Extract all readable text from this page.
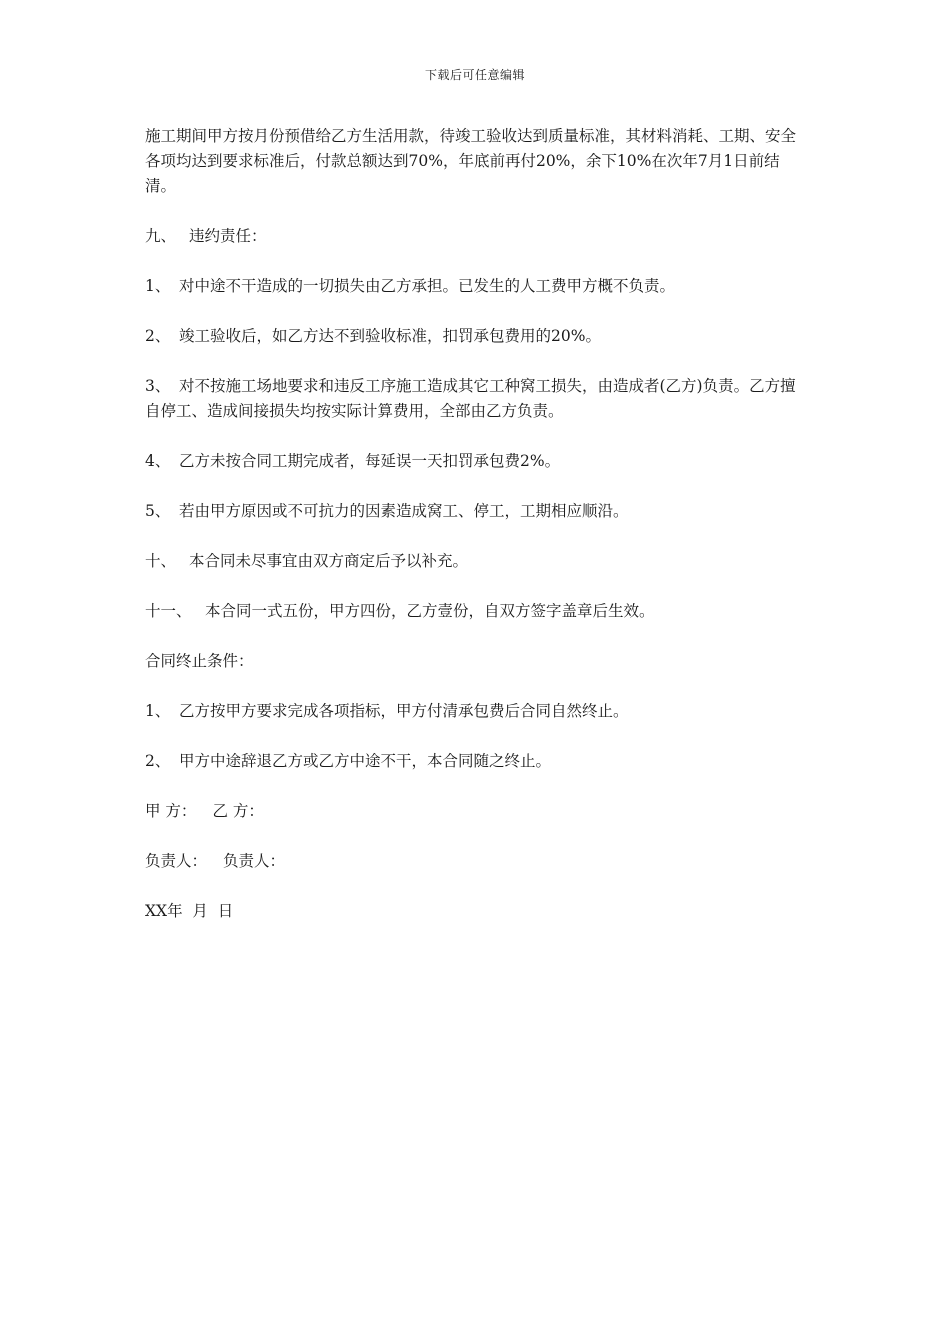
下载后可任意编辑

施工期间甲方按月份预借给乙方生活用款，待竣工验收达到质量标准，其材料消耗、工期、安全各项均达到要求标准后，付款总额达到70%，年底前再付20%，余下10%在次年7月1日前结清。

九、 违约责任：

1、 对中途不干造成的一切损失由乙方承担。已发生的人工费甲方概不负责。

2、 竣工验收后，如乙方达不到验收标准，扣罚承包费用的20%。

3、 对不按施工场地要求和违反工序施工造成其它工种窝工损失，由造成者(乙方)负责。乙方擅自停工、造成间接损失均按实际计算费用，全部由乙方负责。

4、 乙方未按合同工期完成者，每延误一天扣罚承包费2%。

5、 若由甲方原因或不可抗力的因素造成窝工、停工，工期相应顺沿。

十、 本合同未尽事宜由双方商定后予以补充。

十一、 本合同一式五份，甲方四份，乙方壹份，自双方签字盖章后生效。

合同终止条件：

1、 乙方按甲方要求完成各项指标，甲方付清承包费后合同自然终止。

2、 甲方中途辞退乙方或乙方中途不干，本合同随之终止。

甲 方： 乙 方：

负责人： 负责人：

XX年  月  日
